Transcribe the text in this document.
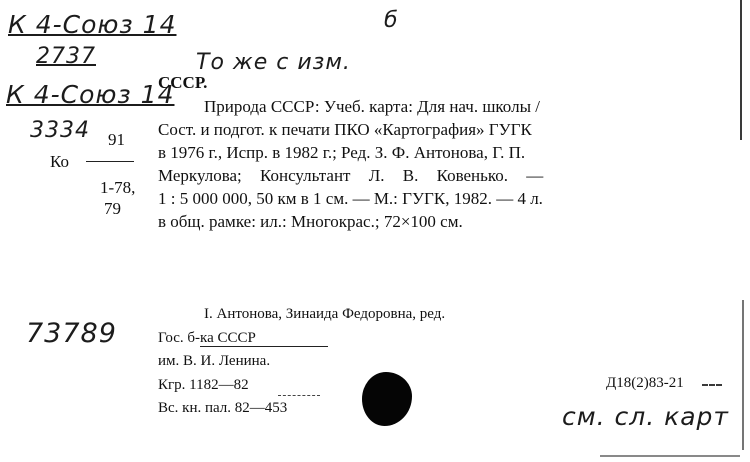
К 4-Союз 14
2737
К 4-Союз 14
3334
б
То же с изм.
73789
см. сл. карт
91
Ко
1-78,
79
СССР.
Природа СССР: Учеб. карта: Для нач. школы /
Сост. и подгот. к печати ПКО «Картография» ГУГК
в 1976 г., Испр. в 1982 г.; Ред. З. Ф. Антонова, Г. П.
Меркулова; Консультант Л. В. Ковенько. —
1 : 5 000 000, 50 км в 1 см. — М.: ГУГК, 1982. — 4 л.
в общ. рамке: ил.: Многокрас.; 72×100 см.
I. Антонова, Зинаида Федоровна, ред.
Гос. б-ка СССР
им. В. И. Ленина.
Кгр. 1182—82
Вс. кн. пал. 82—453
Д18(2)83-21
